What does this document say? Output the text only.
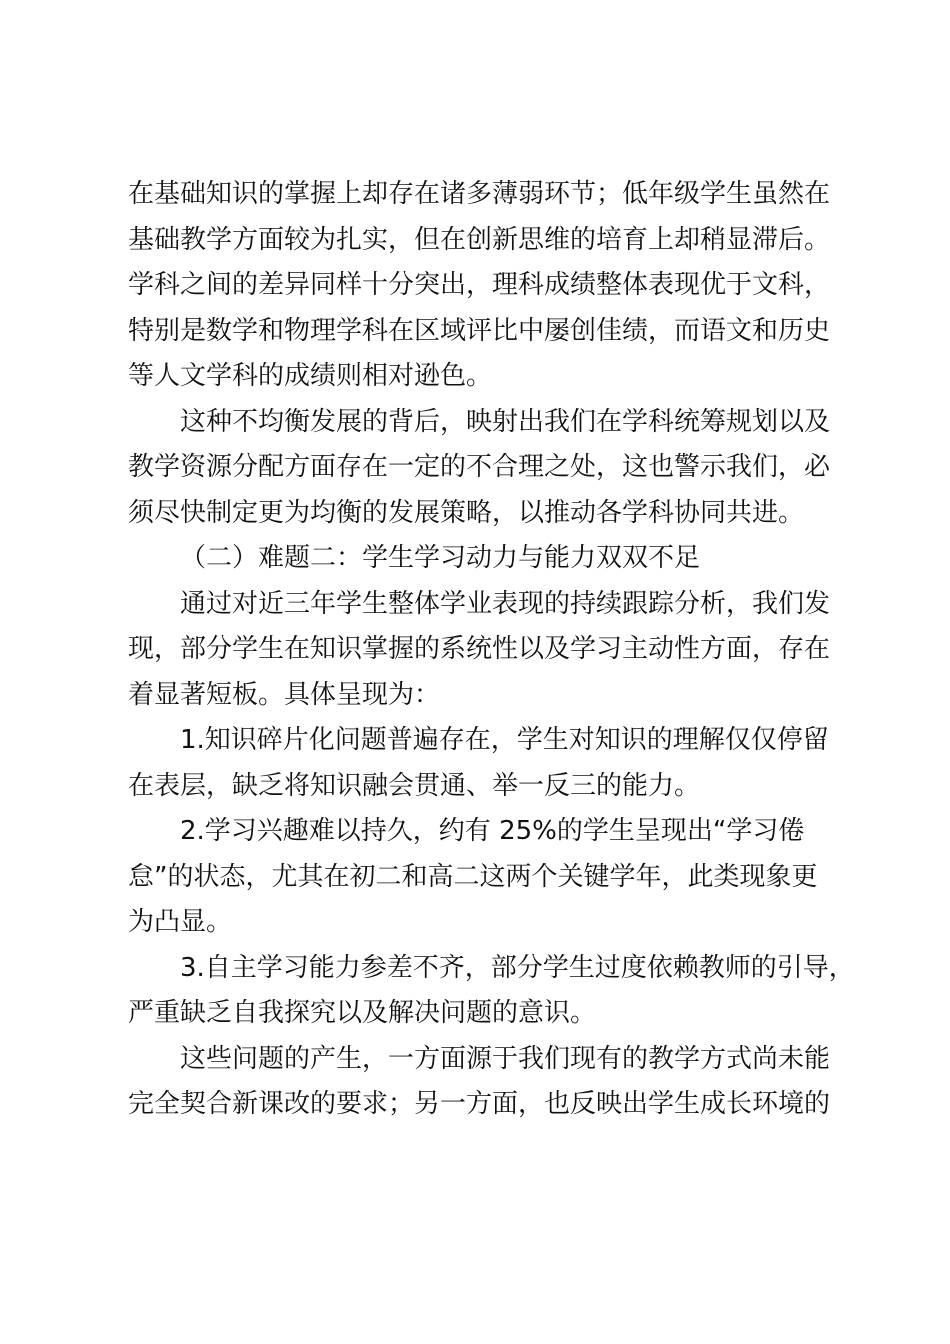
在基础知识的掌握上却存在诸多薄弱环节；低年级学生虽然在
基础教学方面较为扎实，但在创新思维的培育上却稍显滞后。
学科之间的差异同样十分突出，理科成绩整体表现优于文科，
特别是数学和物理学科在区域评比中屡创佳绩，而语文和历史
等人文学科的成绩则相对逊色。
这种不均衡发展的背后，映射出我们在学科统筹规划以及
教学资源分配方面存在一定的不合理之处，这也警示我们，必
须尽快制定更为均衡的发展策略，以推动各学科协同共进。
（二）难题二：学生学习动力与能力双双不足
通过对近三年学生整体学业表现的持续跟踪分析，我们发
现，部分学生在知识掌握的系统性以及学习主动性方面，存在
着显著短板。具体呈现为：
1.知识碎片化问题普遍存在，学生对知识的理解仅仅停留
在表层，缺乏将知识融会贯通、举一反三的能力。
2.学习兴趣难以持久，约有 25%的学生呈现出“学习倦
怠”的状态，尤其在初二和高二这两个关键学年，此类现象更
为凸显。
3.自主学习能力参差不齐，部分学生过度依赖教师的引导，
严重缺乏自我探究以及解决问题的意识。
这些问题的产生，一方面源于我们现有的教学方式尚未能
完全契合新课改的要求；另一方面，也反映出学生成长环境的
